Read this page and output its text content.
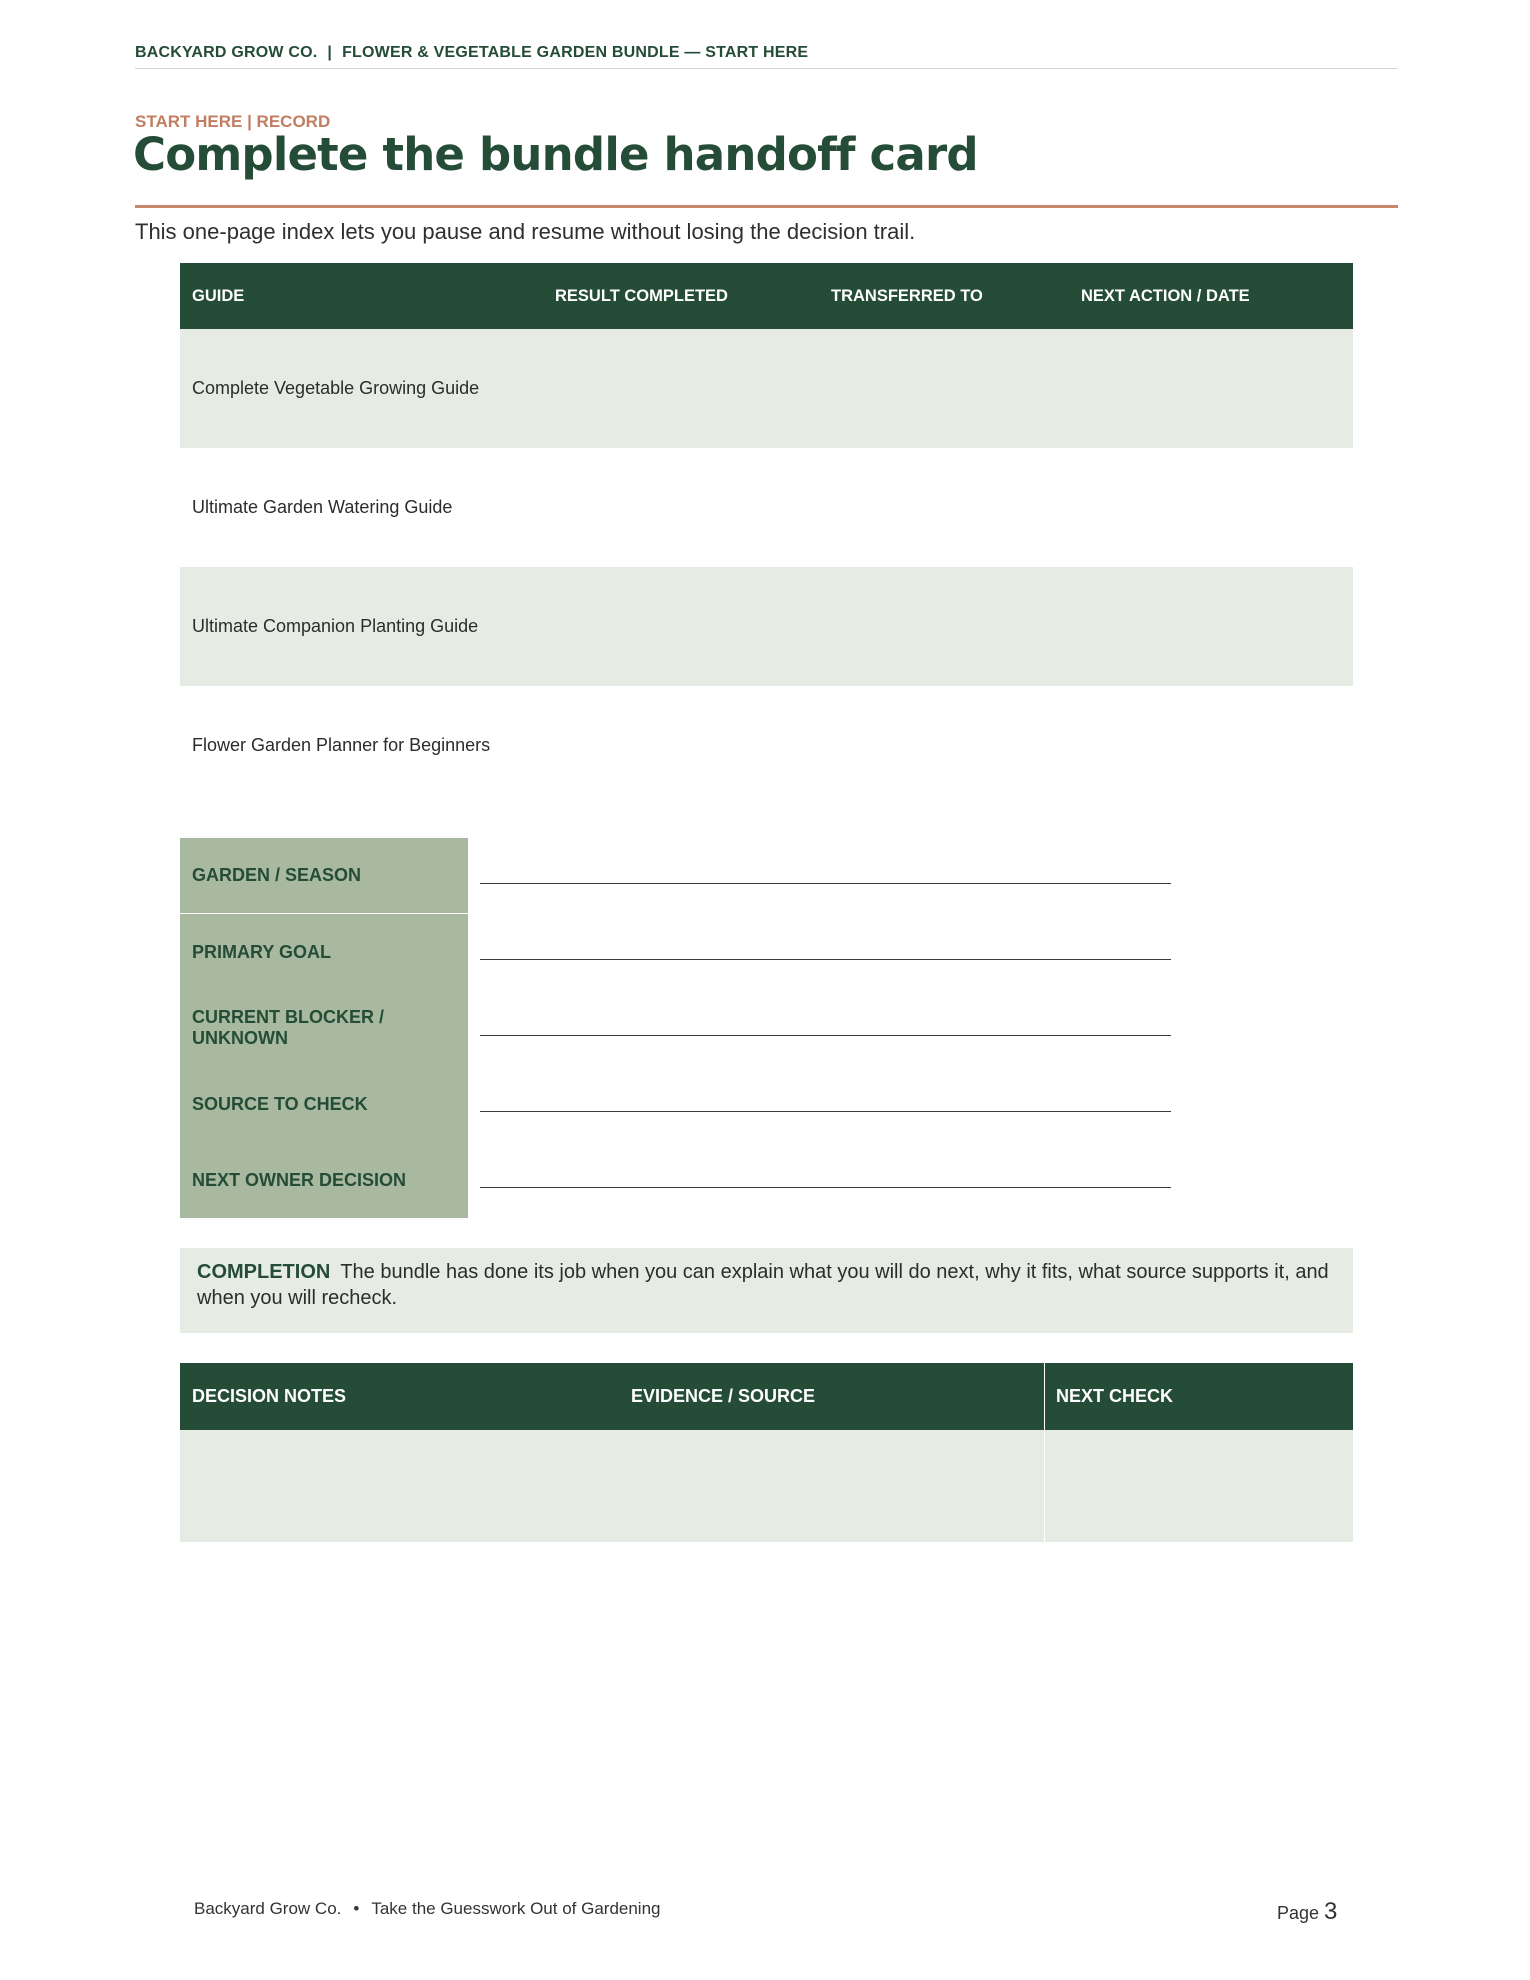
BACKYARD GROW CO. | FLOWER & VEGETABLE GARDEN BUNDLE — START HERE
START HERE | RECORD
Complete the bundle handoff card
This one-page index lets you pause and resume without losing the decision trail.
GUIDE	RESULT COMPLETED	TRANSFERRED TO	NEXT ACTION / DATE
Complete Vegetable Growing Guide
Ultimate Garden Watering Guide
Ultimate Companion Planting Guide
Flower Garden Planner for Beginners
GARDEN / SEASON
PRIMARY GOAL
CURRENT BLOCKER / UNKNOWN
SOURCE TO CHECK
NEXT OWNER DECISION
COMPLETION The bundle has done its job when you can explain what you will do next, why it fits, what source supports it, and when you will recheck.
DECISION NOTES	EVIDENCE / SOURCE	NEXT CHECK
Backyard Grow Co. • Take the Guesswork Out of Gardening	Page 3
